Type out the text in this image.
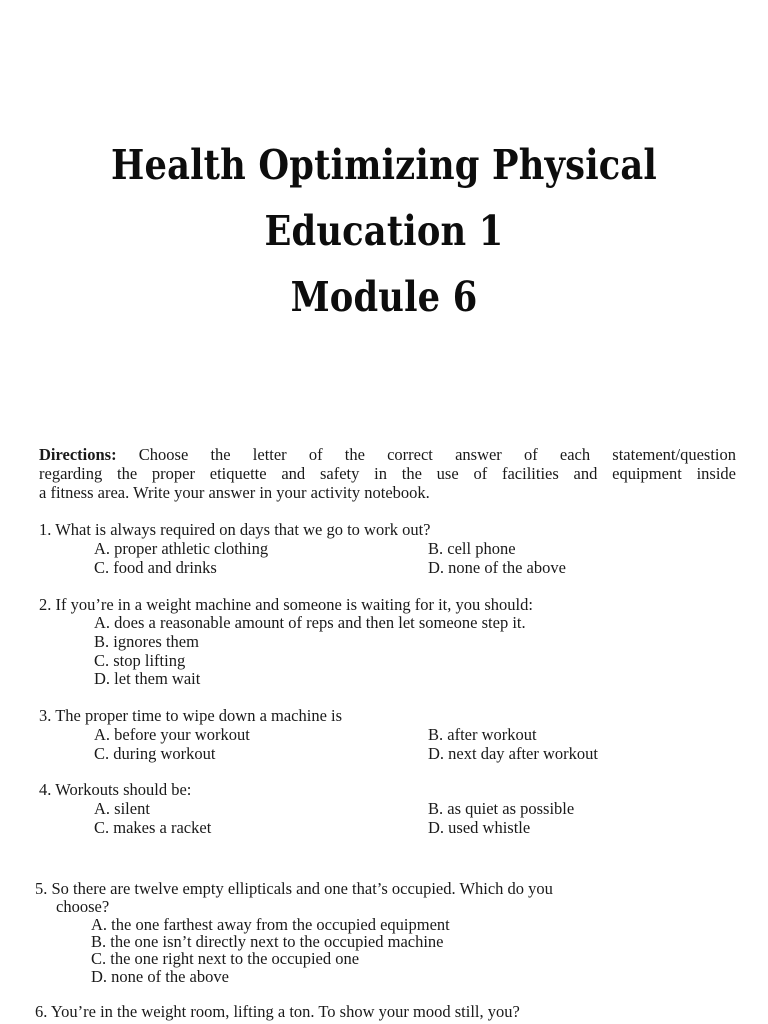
Health Optimizing Physical
Education 1
Module 6
Directions: Choose the letter of the correct answer of each statement/question
regarding the proper etiquette and safety in the use of facilities and equipment inside
a fitness area. Write your answer in your activity notebook.
1. What is always required on days that we go to work out?
A. proper athletic clothing	B. cell phone
C. food and drinks	D. none of the above
2. If you’re in a weight machine and someone is waiting for it, you should:
A. does a reasonable amount of reps and then let someone step it.
B. ignores them
C. stop lifting
D. let them wait
3. The proper time to wipe down a machine is
A. before your workout	B. after workout
C. during workout	D. next day after workout
4. Workouts should be:
A. silent	B. as quiet as possible
C. makes a racket	D. used whistle
5. So there are twelve empty ellipticals and one that’s occupied. Which do you
choose?
A. the one farthest away from the occupied equipment
B. the one isn’t directly next to the occupied machine
C. the one right next to the occupied one
D. none of the above
6. You’re in the weight room, lifting a ton. To show your mood still, you?
